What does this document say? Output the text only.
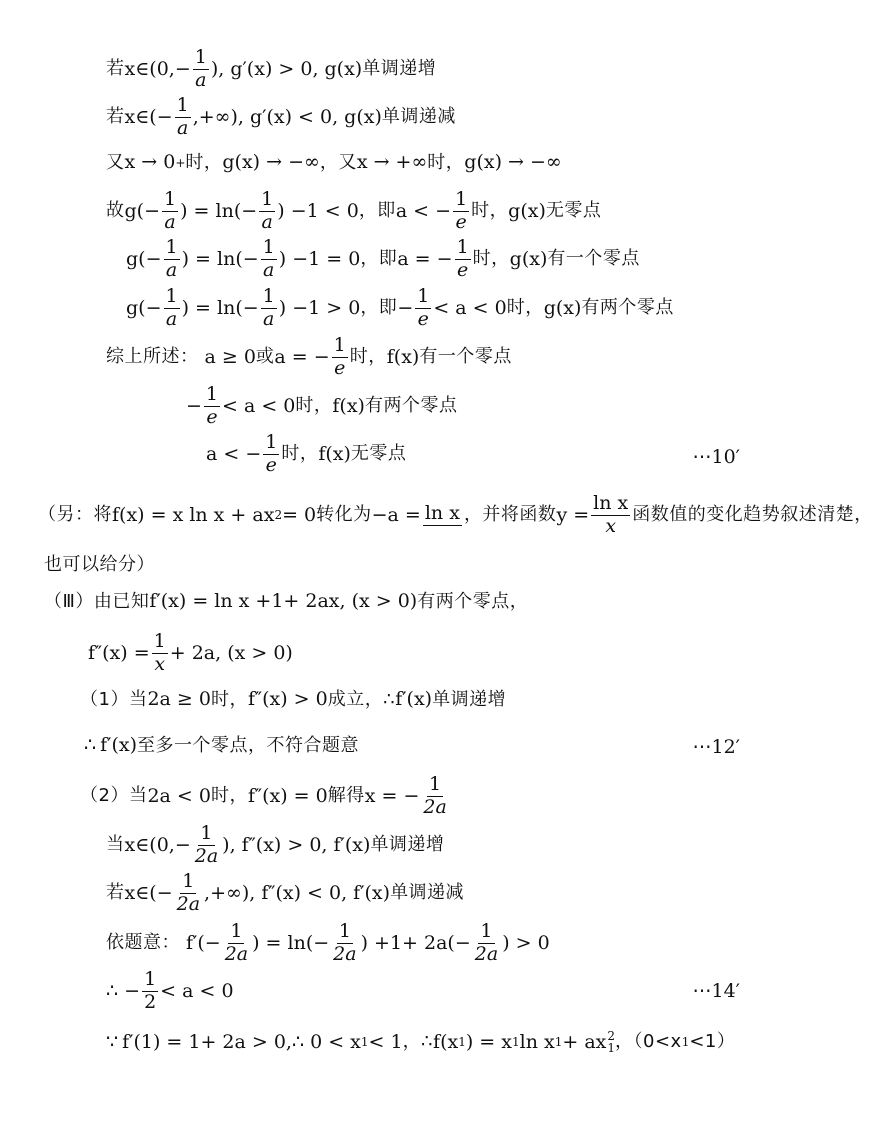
若 x∈(0,− $\frac{1}{a}$ ), g′(x) > 0, g(x) 单调递增
若 x∈(− $\frac{1}{a}$ ,+∞), g′(x) < 0, g(x) 单调递减
又 x → 0 + 时， g(x) → −∞ ，又 x → +∞ 时， g(x) → −∞
故 $g(- \frac{1}{a}$ ) = $\ln(- \frac{1}{a}$ ) −1 < 0 ，即 a < − $\frac{1}{e}$ 时， g(x) 无零点
$g(- \frac{1}{a}$ ) = $\ln(- \frac{1}{a}$ ) −1 = 0 ，即 a = − $\frac{1}{e}$ 时， g(x) 有一个零点
$g(- \frac{1}{a}$ ) = $\ln(- \frac{1}{a}$ ) −1 > 0 ，即 − $\frac{1}{e} < a < 0$ 时， g(x) 有两个零点
综上所述： a ≥ 0 或 a = − $\frac{1}{e}$ 时， f(x) 有一个零点
− $\frac{1}{e} < a < 0$ 时， f(x) 有两个零点
a < − $\frac{1}{e}$ 时， f(x) 无零点	⋯10′
（另：将 f(x) = x ln x + ax 2 = 0 转化为 −a = ln x ，并将函数 $y = \frac{\text{ln x}}{x}$ 函数值的变化趋势叙述清楚，
也可以给分）
（Ⅲ）由已知 f′(x) = ln x +1+ 2ax, (x > 0) 有两个零点，
$f''(x) = \frac{1}{x} + 2a$, (x > 0)
（1）当 2a ≥ 0 时， f″(x) > 0 成立，∴ f′(x) 单调递增
∴ f′(x) 至多一个零点，不符合题意	⋯12′
（2）当 2a < 0 时， f″(x) = 0 解得 x = − $\frac{1}{2a}$
当 x∈(0,− $\frac{1}{2a}$ ), f″(x) > 0, f′(x) 单调递增
若 x∈(− $\frac{1}{2a}$ ,+∞), f″(x) < 0, f′(x) 单调递减
依题意： $f'(- \frac{1}{2a}$ ) = $\ln(- \frac{1}{2a}$ ) $+1+ 2a(- \frac{1}{2a}$ ) > 0
∴ − $\frac{1}{2} < a < 0$	⋯14′
∵ f′(1) = 1+ 2a > 0 ,∴ 0 < x 1 < 1 ，∴ f(x 1 ) = x 1 ln x 1 + ax 2
1 ，（0<x 1 <1）
